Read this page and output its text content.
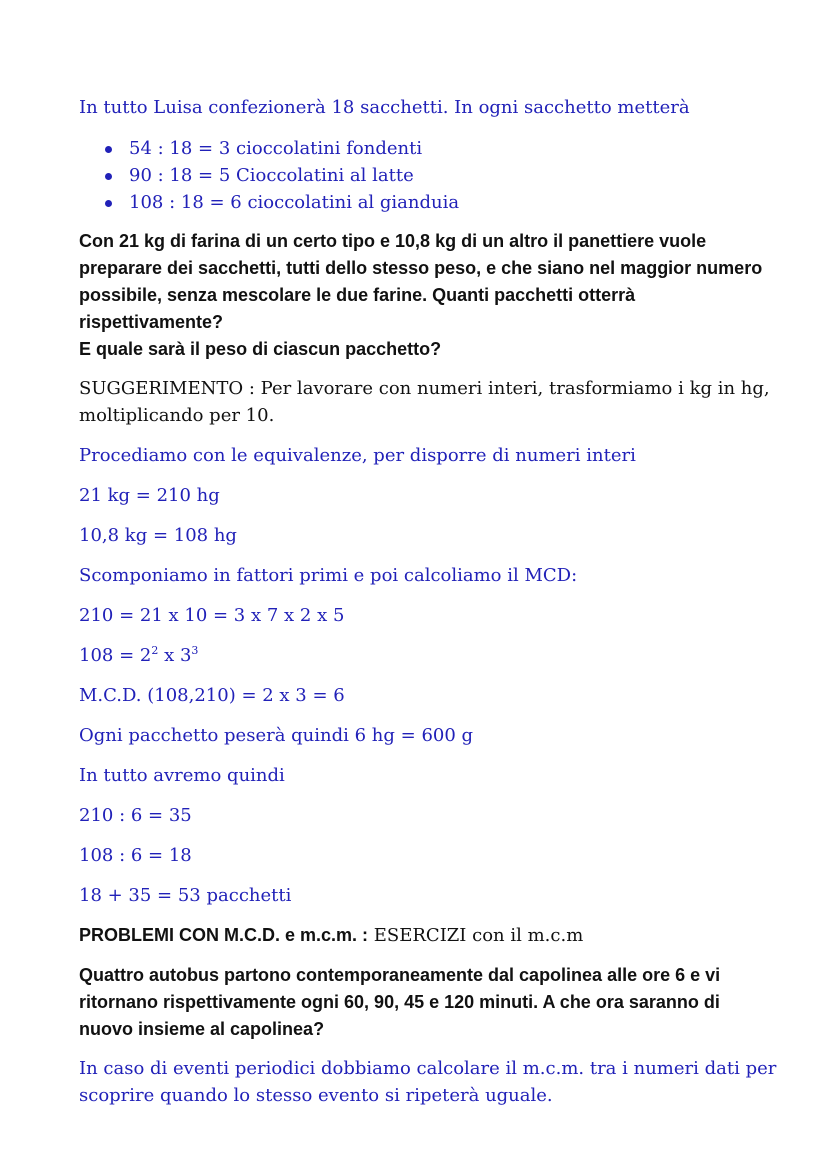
In tutto Luisa confezionerà 18 sacchetti. In ogni sacchetto metterà

54 : 18 = 3 cioccolatini fondenti
90 : 18 = 5 Cioccolatini al latte
108 : 18 = 6 cioccolatini al gianduia

Con 21 kg di farina di un certo tipo e 10,8 kg di un altro il panettiere vuole

preparare dei sacchetti, tutti dello stesso peso, e che siano nel maggior numero

possibile, senza mescolare le due farine. Quanti pacchetti otterrà rispettivamente?

E quale sarà il peso di ciascun pacchetto?

SUGGERIMENTO : Per lavorare con numeri interi, trasformiamo i kg in hg,

moltiplicando per 10.

Procediamo con le equivalenze, per disporre di numeri interi

21 kg = 210 hg

10,8 kg = 108 hg

Scomponiamo in fattori primi e poi calcoliamo il MCD:

210 = 21 x 10 = 3 x 7 x 2 x 5

$108 = 2^2$ x $3^3$

M.C.D. (108,210) = 2 x 3 = 6

Ogni pacchetto peserà quindi 6 hg = 600 g

In tutto avremo quindi

210 : 6 = 35

108 : 6 = 18

18 + 35 = 53 pacchetti

PROBLEMI CON M.C.D. e m.c.m. : ESERCIZI con il m.c.m

Quattro autobus partono contemporaneamente dal capolinea alle ore 6 e vi

ritornano rispettivamente ogni 60, 90, 45 e 120 minuti. A che ora saranno di

nuovo insieme al capolinea?

In caso di eventi periodici dobbiamo calcolare il m.c.m. tra i numeri dati per

scoprire quando lo stesso evento si ripeterà uguale.
